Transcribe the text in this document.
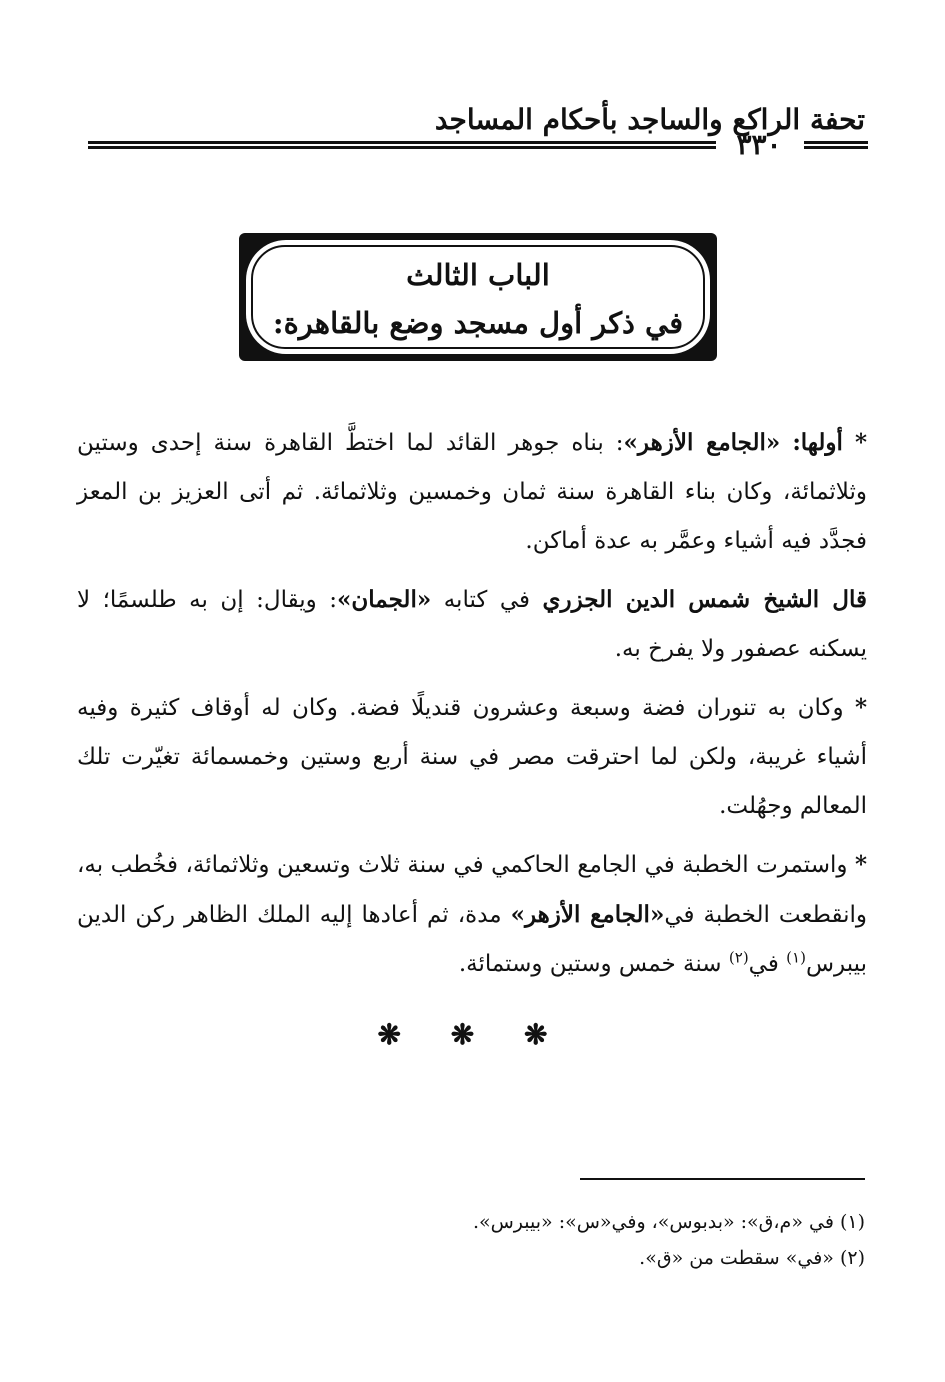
تحفة الراكع والساجد بأحكام المساجد
٣٣٠
الباب الثالث
في ذكر أول مسجد وضع بالقاهرة:

* أولها: «الجامع الأزهر»: بناه جوهر القائد لما اختطَّ القاهرة سنة إحدى وستين وثلاثمائة، وكان بناء القاهرة سنة ثمان وخمسين وثلاثمائة. ثم أتى العزيز بن المعز فجدَّد فيه أشياء وعمَّر به عدة أماكن.

قال الشيخ شمس الدين الجزري في كتابه «الجمان»: ويقال: إن به طلسمًا؛ لا يسكنه عصفور ولا يفرخ به.

* وكان به تنوران فضة وسبعة وعشرون قنديلًا فضة. وكان له أوقاف كثيرة وفيه أشياء غريبة، ولكن لما احترقت مصر في سنة أربع وستين وخمسمائة تغيّرت تلك المعالم وجهُلت.

* واستمرت الخطبة في الجامع الحاكمي في سنة ثلاث وتسعين وثلاثمائة، فخُطب به، وانقطعت الخطبة في«الجامع الأزهر» مدة، ثم أعادها إليه الملك الظاهر ركن الدين بيبرس$^{(١)}$ في$^{(٢)}$ سنة خمس وستين وستمائة.

❋ ❋ ❋
(١) في «م،ق»: «بدبوس»، وفي«س»: «بيبرس».
(٢) «في» سقطت من «ق».
